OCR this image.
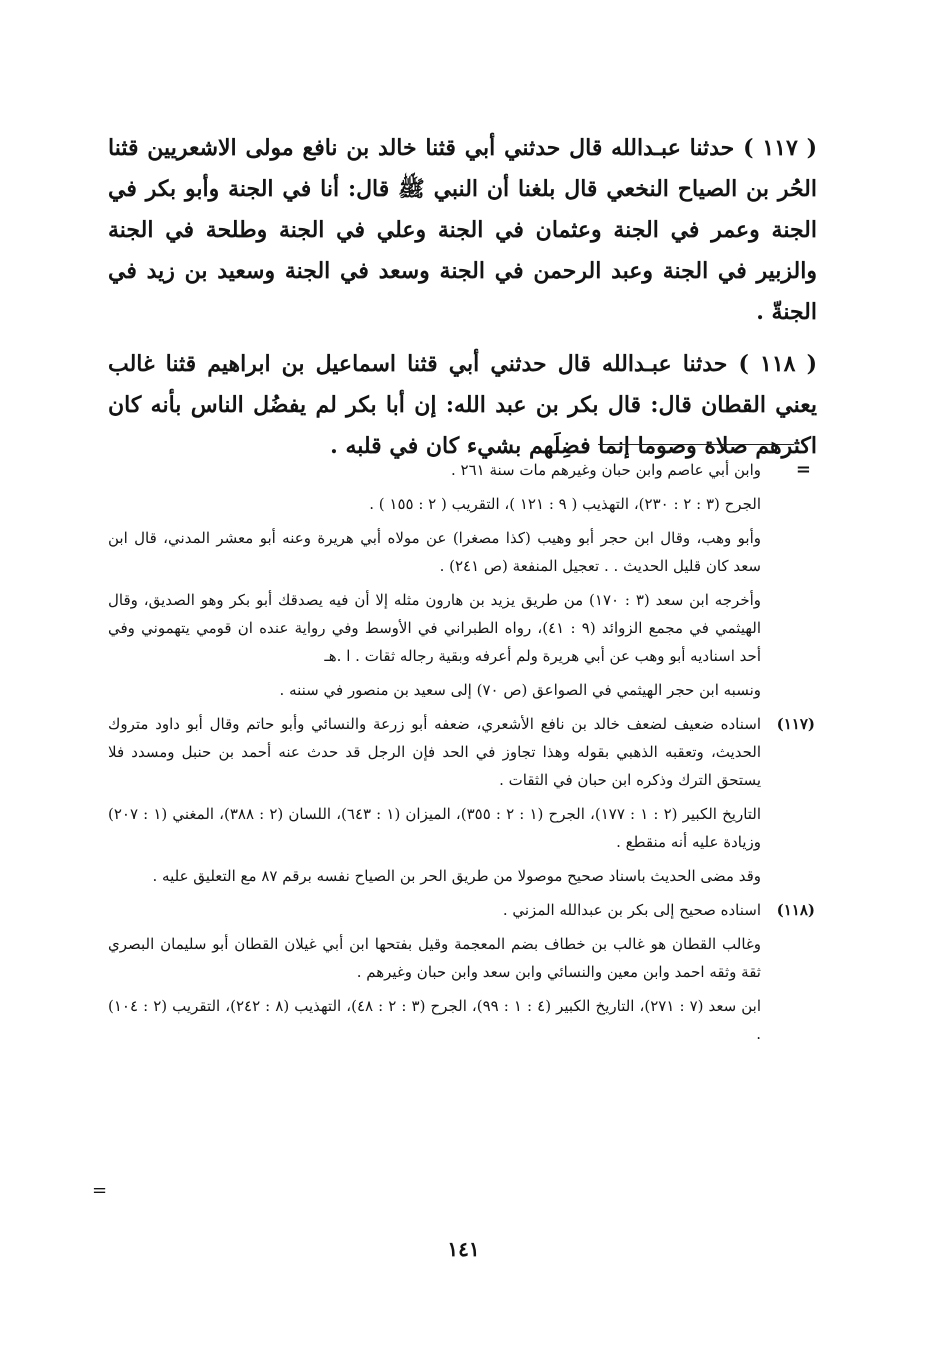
( ١١٧ ) حدثنا عبـدالله قال حدثني أبي قثنا خالد بن نافع مولى الاشعريين قثنا الحُر بن الصياح النخعي قال بلغنا أن النبي ﷺ قال: أنا في الجنة وأبو بكر في الجنة وعمر في الجنة وعثمان في الجنة وعلي في الجنة وطلحة في الجنة والزبير في الجنة وعبد الرحمن في الجنة وسعد في الجنة وسعيد بن زيد في الجنةّ .

( ١١٨ ) حدثنا عبـدالله قال حدثني أبي قثنا اسماعيل بن ابراهيم قثنا غالب يعني القطان قال: قال بكر بن عبد الله: إن أبا بكر لم يفضُل الناس بأنه كان اكثرهم صلاة وصوما إنما فضِلَهم بشيء كان في قلبه .

=
وابن أبي عاصم وابن حبان وغيرهم مات سنة ٢٦١ .
الجرح (٣ : ٢ : ٢٣٠)، التهذيب ( ٩ : ١٢١ )، التقريب ( ٢ : ١٥٥ ) .
وأبو وهب، وقال ابن حجر أبو وهيب (كذا مصغرا) عن مولاه أبي هريرة وعنه أبو معشر المدني، قال ابن سعد كان قليل الحديث . . تعجيل المنفعة (ص ٢٤١) .
وأخرجه ابن سعد (٣ : ١٧٠) من طريق يزيد بن هارون مثله إلا أن فيه يصدقك أبو بكر وهو الصديق، وقال الهيثمي في مجمع الزوائد (٩ : ٤١)، رواه الطبراني في الأوسط وفي رواية عنده ان قومي يتهموني وفي أحد اسناديه أبو وهب عن أبي هريرة ولم أعرفه وبقية رجاله ثقات . ا .هـ
ونسبه ابن حجر الهيثمي في الصواعق (ص ٧٠) إلى سعيد بن منصور في سننه .
(١١٧)
اسناده ضعيف لضعف خالد بن نافع الأشعري، ضعفه أبو زرعة والنسائي وأبو حاتم وقال أبو داود متروك الحديث، وتعقبه الذهبي بقوله وهذا تجاوز في الحد فإن الرجل قد حدث عنه أحمد بن حنبل ومسدد فلا يستحق الترك وذكره ابن حبان في الثقات .
التاريخ الكبير (٢ : ١ : ١٧٧)، الجرح (١ : ٢ : ٣٥٥)، الميزان (١ : ٦٤٣)، اللسان (٢ : ٣٨٨)، المغني (١ : ٢٠٧) وزيادة عليه أنه منقطع .
وقد مضى الحديث باسناد صحيح موصولا من طريق الحر بن الصياح نفسه برقم ٨٧ مع التعليق عليه .
(١١٨)
اسناده صحيح إلى بكر بن عبدالله المزني .
وغالب القطان هو غالب بن خطاف بضم المعجمة وقيل بفتحها ابن أبي غيلان القطان أبو سليمان البصري ثقة وثقه احمد وابن معين والنسائي وابن سعد وابن حبان وغيرهم .
ابن سعد (٧ : ٢٧١)، التاريخ الكبير (٤ : ١ : ٩٩)، الجرح (٣ : ٢ : ٤٨)، التهذيب (٨ : ٢٤٢)، التقريب (٢ : ١٠٤) .
=
١٤١
